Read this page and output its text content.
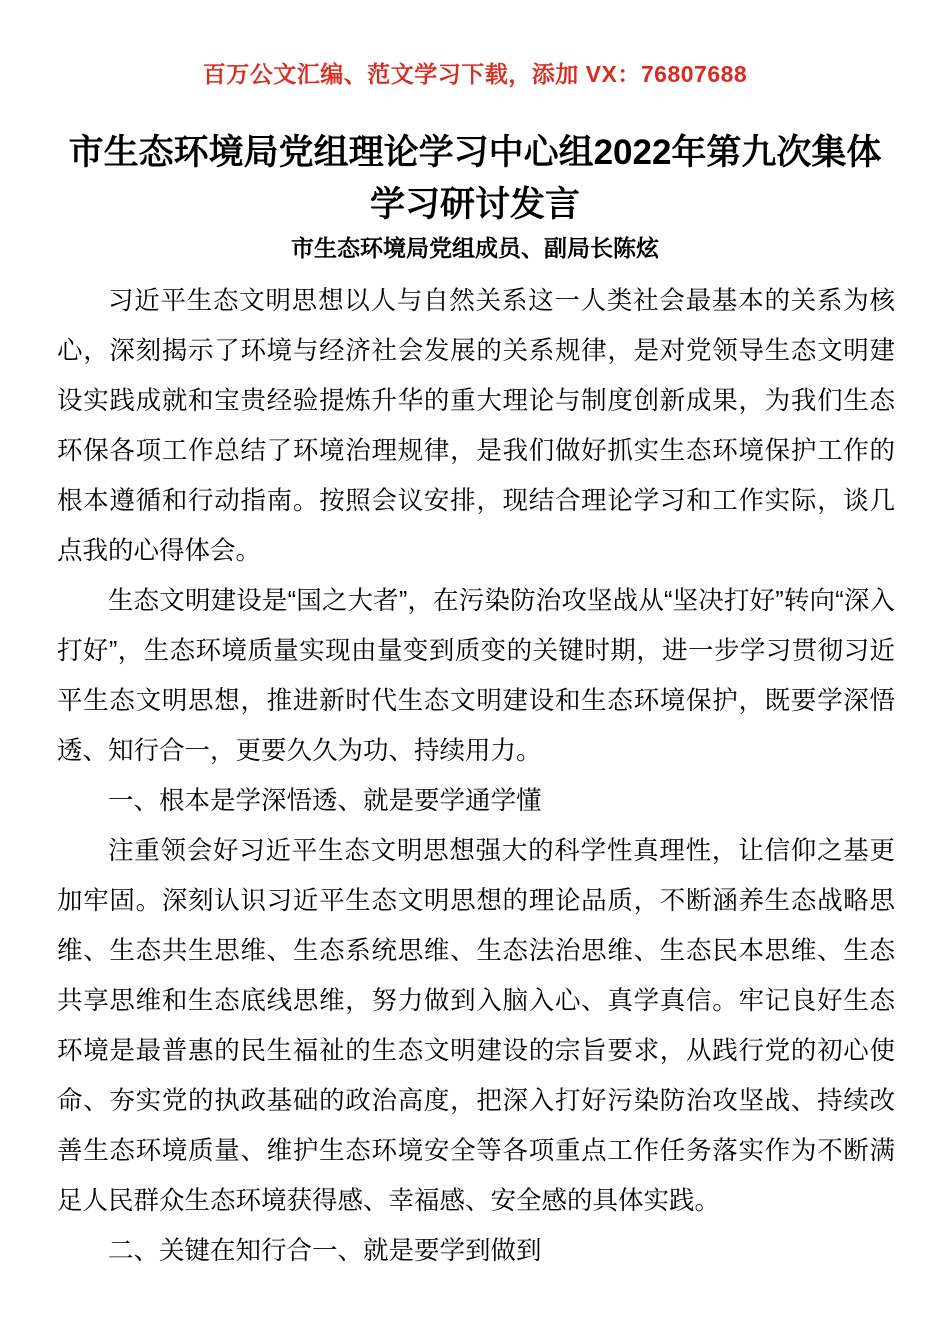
百万公文汇编、范文学习下载，添加 VX：76807688
市生态环境局党组理论学习中心组2022年第九次集体学习研讨发言
市生态环境局党组成员、副局长陈炫

习近平生态文明思想以人与自然关系这一人类社会最基本的关系为核心，深刻揭示了环境与经济社会发展的关系规律，是对党领导生态文明建设实践成就和宝贵经验提炼升华的重大理论与制度创新成果，为我们生态环保各项工作总结了环境治理规律，是我们做好抓实生态环境保护工作的根本遵循和行动指南。按照会议安排，现结合理论学习和工作实际，谈几点我的心得体会。

生态文明建设是“国之大者”，在污染防治攻坚战从“坚决打好”转向“深入打好”，生态环境质量实现由量变到质变的关键时期，进一步学习贯彻习近平生态文明思想，推进新时代生态文明建设和生态环境保护，既要学深悟透、知行合一，更要久久为功、持续用力。

一、根本是学深悟透、就是要学通学懂

注重领会好习近平生态文明思想强大的科学性真理性，让信仰之基更加牢固。深刻认识习近平生态文明思想的理论品质，不断涵养生态战略思维、生态共生思维、生态系统思维、生态法治思维、生态民本思维、生态共享思维和生态底线思维，努力做到入脑入心、真学真信。牢记良好生态环境是最普惠的民生福祉的生态文明建设的宗旨要求，从践行党的初心使命、夯实党的执政基础的政治高度，把深入打好污染防治攻坚战、持续改善生态环境质量、维护生态环境安全等各项重点工作任务落实作为不断满足人民群众生态环境获得感、幸福感、安全感的具体实践。

二、关键在知行合一、就是要学到做到
